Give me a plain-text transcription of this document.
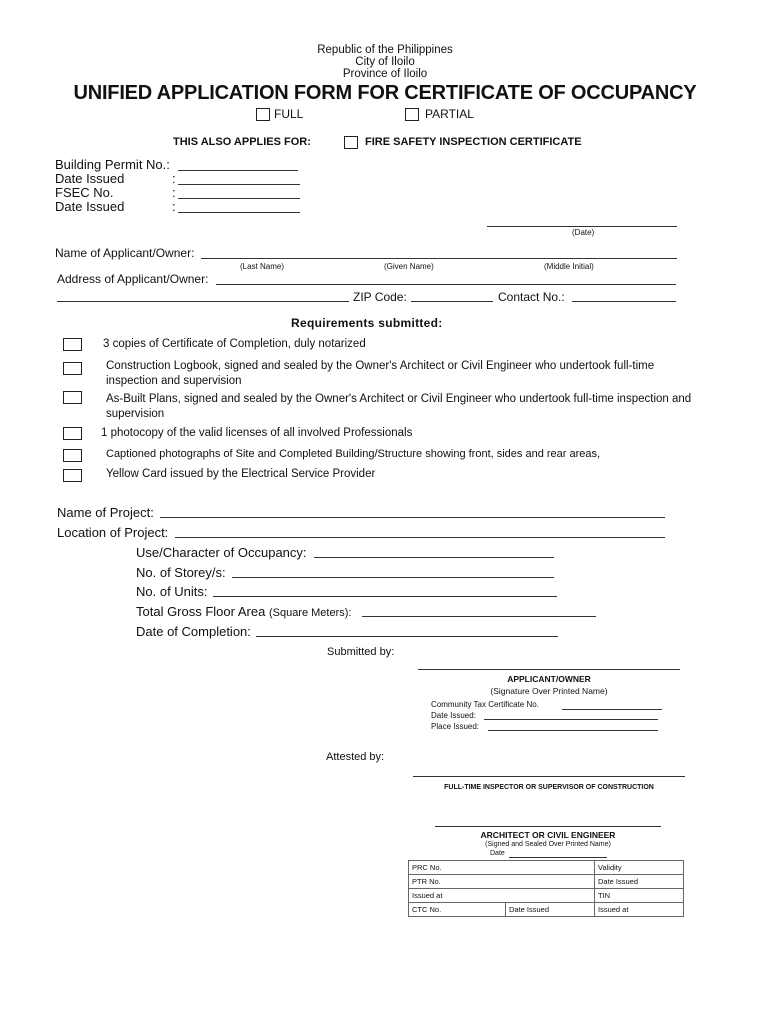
Republic of the Philippines
City of Iloilo
Province of Iloilo
UNIFIED APPLICATION FORM FOR CERTIFICATE OF OCCUPANCY
FULL	PARTIAL
THIS ALSO APPLIES FOR:	FIRE SAFETY INSPECTION CERTIFICATE
Building Permit No.:
Date Issued	:
FSEC No.	:
Date Issued	:
(Date)
Name of Applicant/Owner:
(Last Name)	(Given Name)	(Middle Initial)
Address of Applicant/Owner:
ZIP Code:	Contact No.:
Requirements submitted:
3 copies of Certificate of Completion, duly notarized
Construction Logbook, signed and sealed by the Owner's Architect or Civil Engineer who undertook full-time inspection and supervision
As-Built Plans, signed and sealed by the Owner's Architect or Civil Engineer who undertook full-time inspection and supervision
1 photocopy of the valid licenses of all involved Professionals
Captioned photographs of Site and Completed Building/Structure showing front, sides and rear areas,
Yellow Card issued by the Electrical Service Provider
Name of Project:
Location of Project:
Use/Character of Occupancy:
No. of Storey/s:
No. of Units:
Total Gross Floor Area (Square Meters):
Date of Completion:
Submitted by:
APPLICANT/OWNER
(Signature Over Printed Name)
Community Tax Certificate No.
Date Issued:
Place Issued:
Attested by:
FULL-TIME INSPECTOR OR SUPERVISOR OF CONSTRUCTION
ARCHITECT OR CIVIL ENGINEER
(Signed and Sealed Over Printed Name)
Date
PRC No.		Validity
PTR No.		Date Issued
Issued at		TIN
CTC No.	Date Issued	Issued at
